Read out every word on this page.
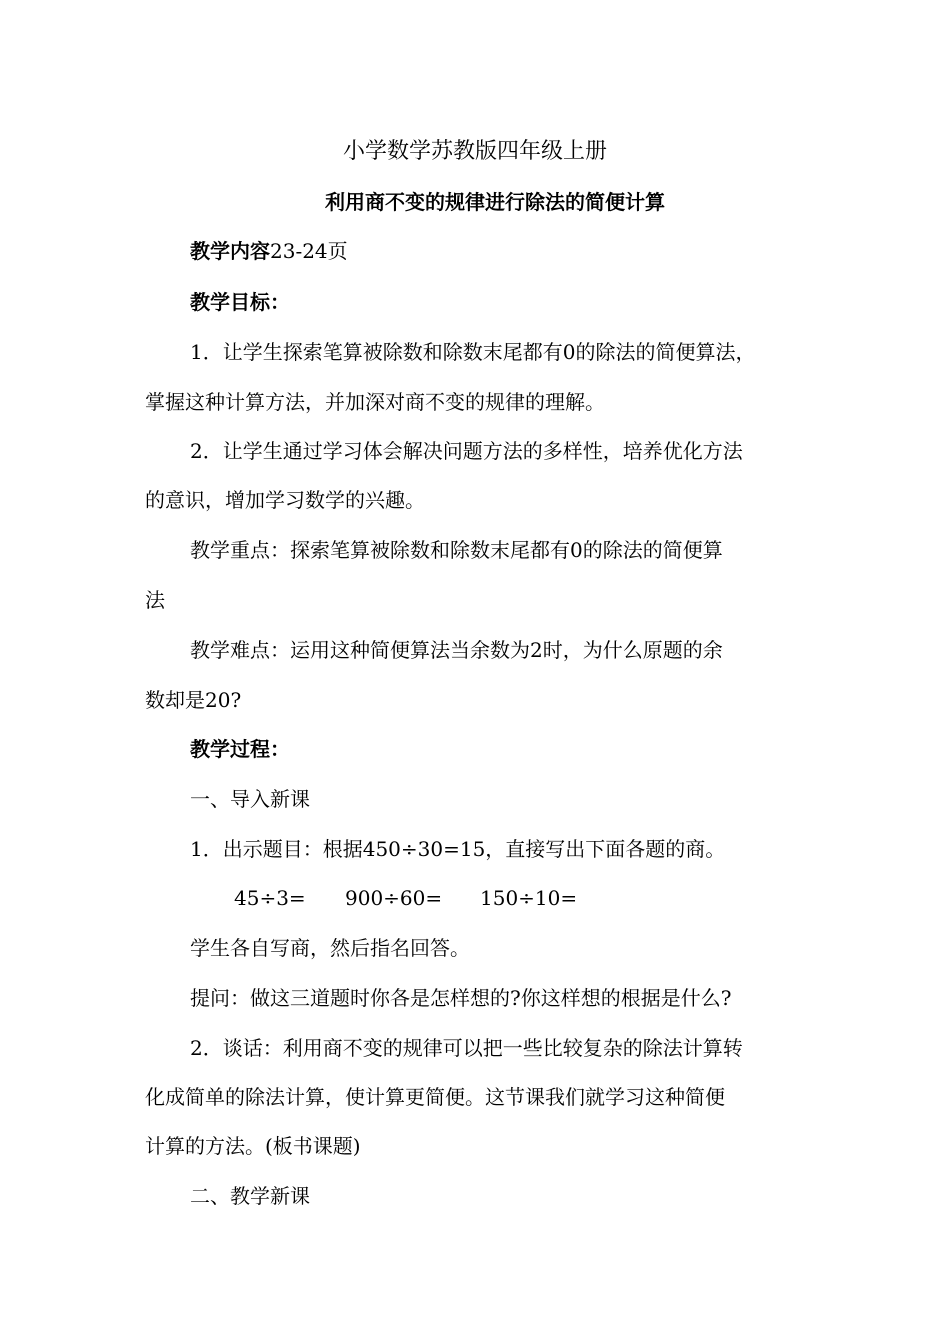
小学数学苏教版四年级上册
利用商不变的规律进行除法的简便计算
教学内容23-24页
教学目标：
1．让学生探索笔算被除数和除数末尾都有0的除法的简便算法，
掌握这种计算方法，并加深对商不变的规律的理解。
2．让学生通过学习体会解决问题方法的多样性，培养优化方法
的意识，增加学习数学的兴趣。
教学重点：探索笔算被除数和除数末尾都有0的除法的简便算
法
教学难点：运用这种简便算法当余数为2时，为什么原题的余
数却是20?
教学过程：
一、导入新课
1．出示题目：根据450÷30=15，直接写出下面各题的商。
45÷3= 900÷60= 150÷10=
学生各自写商，然后指名回答。
提问：做这三道题时你各是怎样想的?你这样想的根据是什么?
2．谈话：利用商不变的规律可以把一些比较复杂的除法计算转
化成简单的除法计算，使计算更简便。这节课我们就学习这种简便
计算的方法。(板书课题)
二、教学新课
